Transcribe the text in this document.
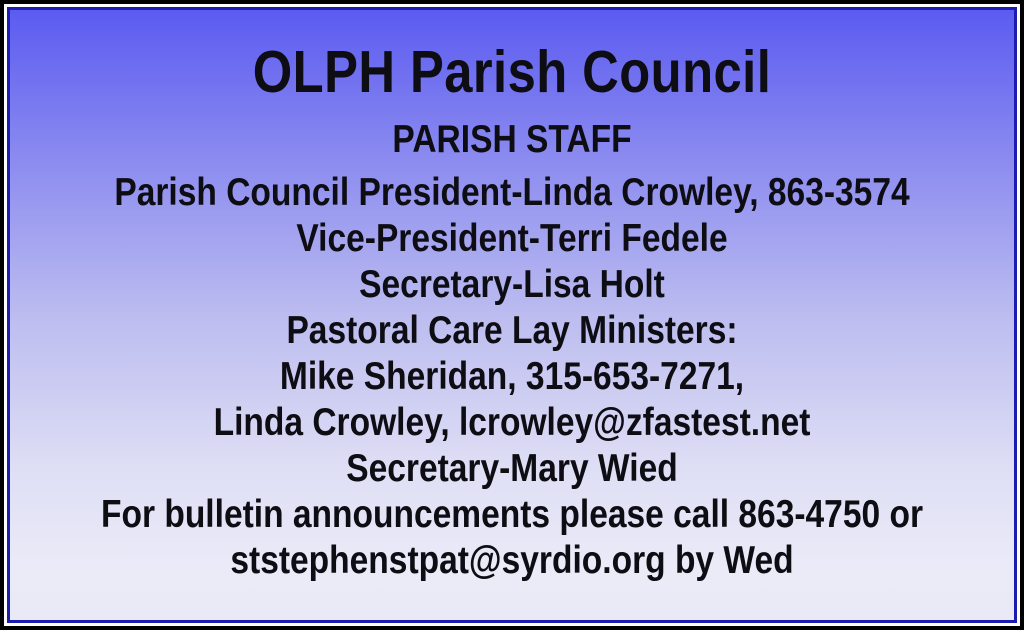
OLPH Parish Council
PARISH STAFF
Parish Council President-Linda Crowley, 863-3574
Vice-President-Terri Fedele
Secretary-Lisa Holt
Pastoral Care Lay Ministers:
Mike Sheridan, 315-653-7271,
Linda Crowley, lcrowley@zfastest.net
Secretary-Mary Wied
For bulletin announcements please call 863-4750 or
ststephenstpat@syrdio.org by Wed
